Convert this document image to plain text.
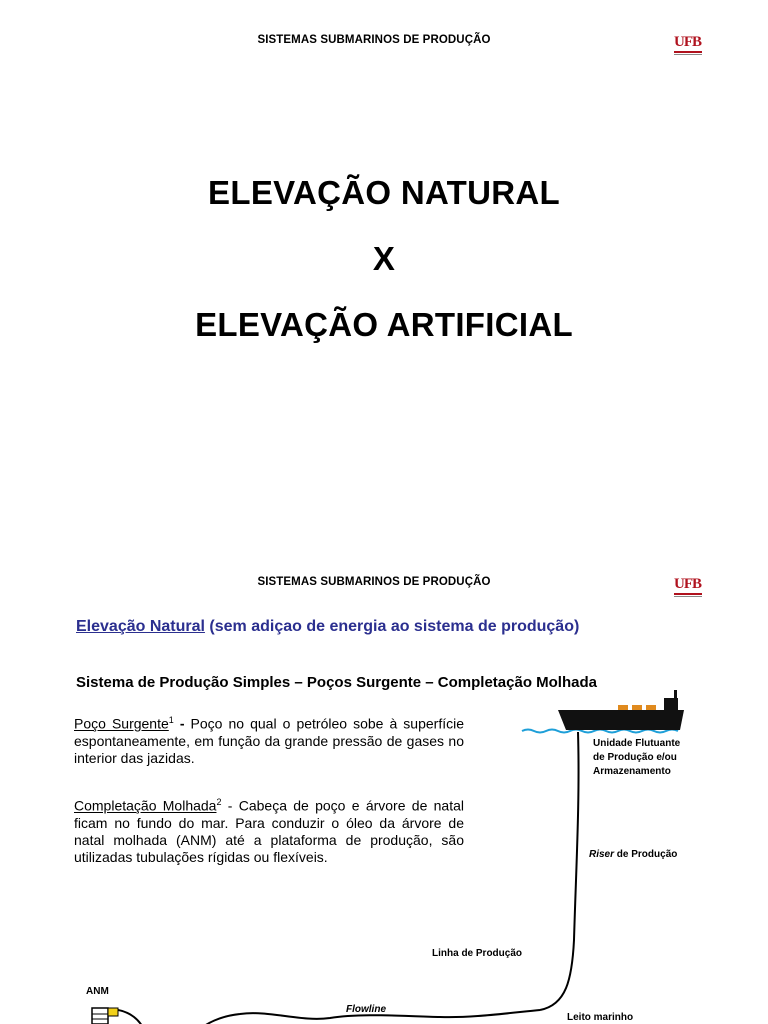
SISTEMAS SUBMARINOS DE PRODUÇÃO	UFB
ELEVAÇÃO NATURAL
X
ELEVAÇÃO ARTIFICIAL
SISTEMAS SUBMARINOS DE PRODUÇÃO	UFB
Elevação Natural (sem adiçao de energia ao sistema de produção)
Sistema de Produção Simples – Poços Surgente – Completação Molhada
Poço Surgente$^1$ - Poço no qual o petróleo sobe à superfície espontaneamente, em função da grande pressão de gases no interior das jazidas.
Completação Molhada$^2$ - Cabeça de poço e árvore de natal ficam no fundo do mar. Para conduzir o óleo da árvore de natal molhada (ANM) até a plataforma de produção, são utilizadas tubulações rígidas ou flexíveis.
Unidade Flutuante
de Produção e/ou
Armazenamento
Riser de Produção
Linha de Produção
ANM
Flowline
Leito marinho
